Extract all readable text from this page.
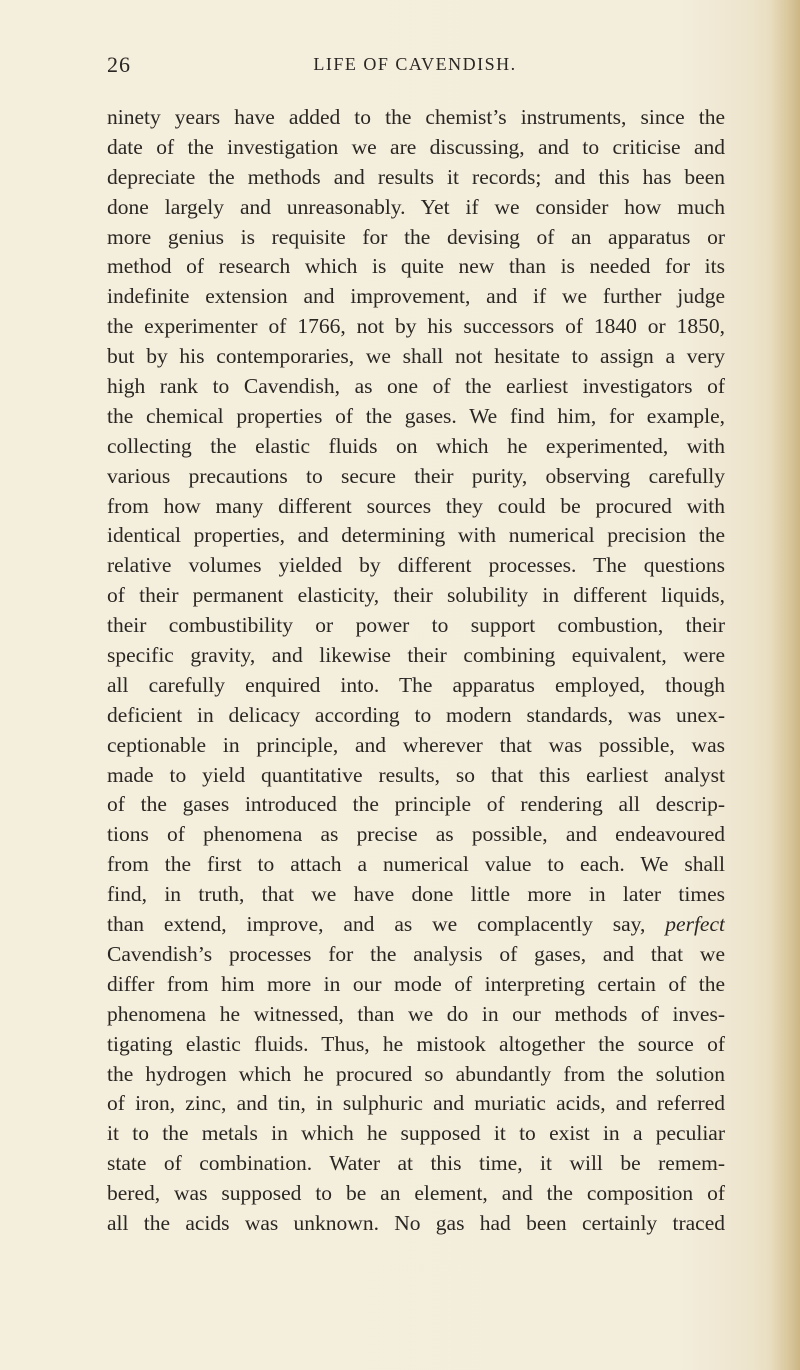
26	LIFE OF CAVENDISH.
ninety years have added to the chemist’s instruments, since the
date of the investigation we are discussing, and to criticise and
depreciate the methods and results it records; and this has been
done largely and unreasonably. Yet if we consider how much
more genius is requisite for the devising of an apparatus or
method of research which is quite new than is needed for its
indefinite extension and improvement, and if we further judge
the experimenter of 1766, not by his successors of 1840 or 1850,
but by his contemporaries, we shall not hesitate to assign a very
high rank to Cavendish, as one of the earliest investigators of
the chemical properties of the gases. We find him, for example,
collecting the elastic fluids on which he experimented, with
various precautions to secure their purity, observing carefully
from how many different sources they could be procured with
identical properties, and determining with numerical precision the
relative volumes yielded by different processes. The questions
of their permanent elasticity, their solubility in different liquids,
their combustibility or power to support combustion, their
specific gravity, and likewise their combining equivalent, were
all carefully enquired into. The apparatus employed, though
deficient in delicacy according to modern standards, was unex-
ceptionable in principle, and wherever that was possible, was
made to yield quantitative results, so that this earliest analyst
of the gases introduced the principle of rendering all descrip-
tions of phenomena as precise as possible, and endeavoured
from the first to attach a numerical value to each. We shall
find, in truth, that we have done little more in later times
than extend, improve, and as we complacently say, perfect
Cavendish’s processes for the analysis of gases, and that we
differ from him more in our mode of interpreting certain of the
phenomena he witnessed, than we do in our methods of inves-
tigating elastic fluids. Thus, he mistook altogether the source of
the hydrogen which he procured so abundantly from the solution
of iron, zinc, and tin, in sulphuric and muriatic acids, and referred
it to the metals in which he supposed it to exist in a peculiar
state of combination. Water at this time, it will be remem-
bered, was supposed to be an element, and the composition of
all the acids was unknown. No gas had been certainly traced
